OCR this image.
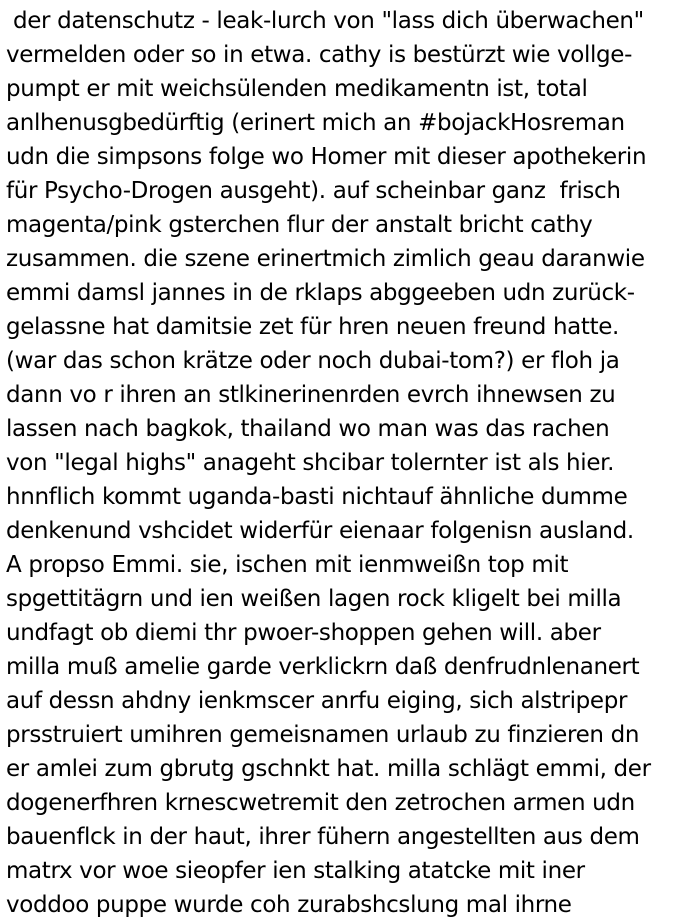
der datenschutz - leak-lurch von "lass dich überwachen"
vermelden oder so in etwa. cathy is bestürzt wie vollge-
pumpt er mit weichsülenden medikamentn ist, total
anlhenusgbedürftig (erinert mich an #bojackHosreman
udn die simpsons folge wo Homer mit dieser apothekerin
für Psycho-Drogen ausgeht). auf scheinbar ganz  frisch
magenta/pink gsterchen flur der anstalt bricht cathy
zusammen. die szene erinertmich zimlich geau daranwie
emmi damsl jannes in de rklaps abggeeben udn zurück-
gelassne hat damitsie zet für hren neuen freund hatte.
(war das schon krätze oder noch dubai-tom?) er floh ja
dann vo r ihren an stlkinerinenrden evrch ihnewsen zu
lassen nach bagkok, thailand wo man was das rachen
von "legal highs" anageht shcibar tolernter ist als hier.
hnnflich kommt uganda-basti nichtauf ähnliche dumme
denkenund vshcidet widerfür eienaar folgenisn ausland.
A propso Emmi. sie, ischen mit ienmweißn top mit
spgettitägrn und ien weißen lagen rock kligelt bei milla
undfagt ob diemi thr pwoer-shoppen gehen will. aber
milla muß amelie garde verklickrn daß denfrudnlenanert
auf dessn ahdny ienkmscer anrfu eiging, sich alstripepr
prsstruiert umihren gemeisnamen urlaub zu finzieren dn
er amlei zum gbrutg gschnkt hat. milla schlägt emmi, der
dogenerfhren krnescwetremit den zetrochen armen udn
bauenflck in der haut, ihrer fühern angestellten aus dem
matrx vor woe sieopfer ien stalking atatcke mit iner
voddoo puppe wurde coh zurabshcslung mal ihrne
